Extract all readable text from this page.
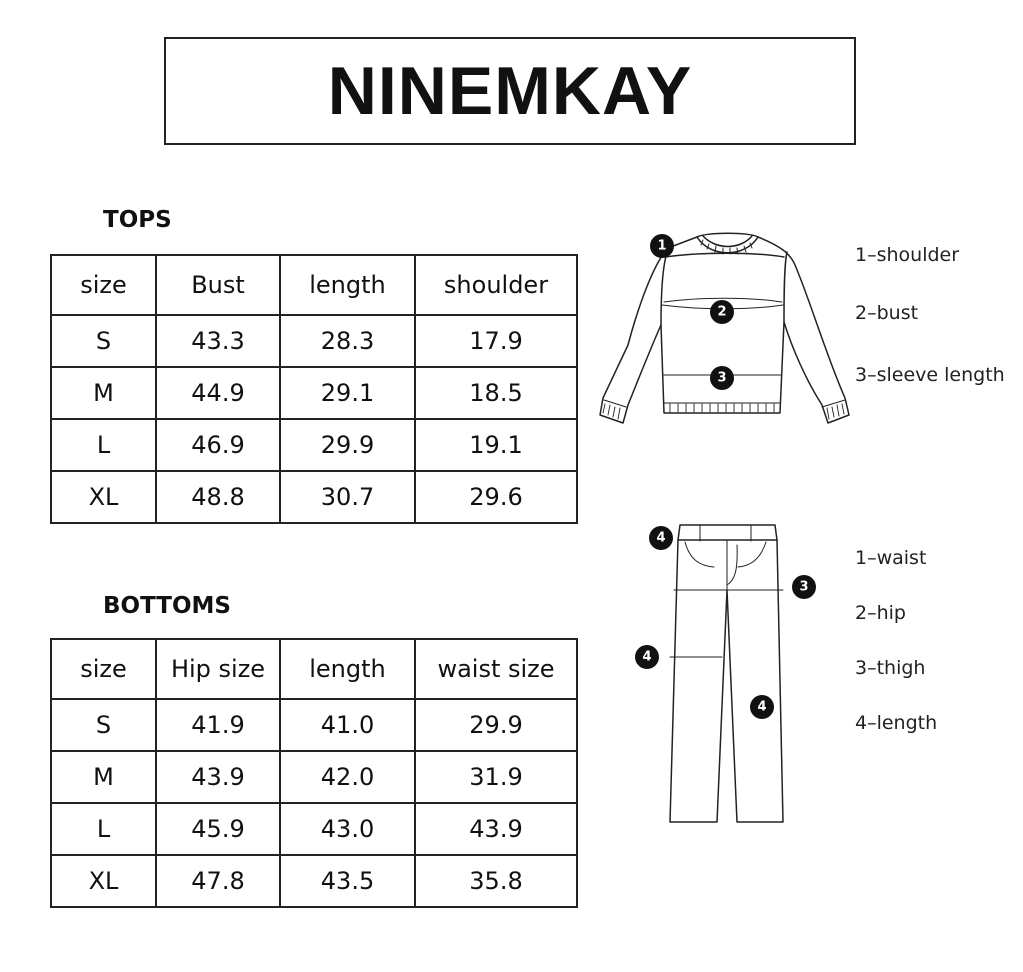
NINEMKAY
TOPS
size	Bust	length	shoulder
S	43.3	28.3	17.9
M	44.9	29.1	18.5
L	46.9	29.9	19.1
XL	48.8	30.7	29.6
BOTTOMS
size	Hip size	length	waist size
S	41.9	41.0	29.9
M	43.9	42.0	31.9
L	45.9	43.0	43.9
XL	47.8	43.5	35.8
1
2
3
1–shoulder
2–bust
3–sleeve length
4
3
4
4
1–waist
2–hip
3–thigh
4–length
